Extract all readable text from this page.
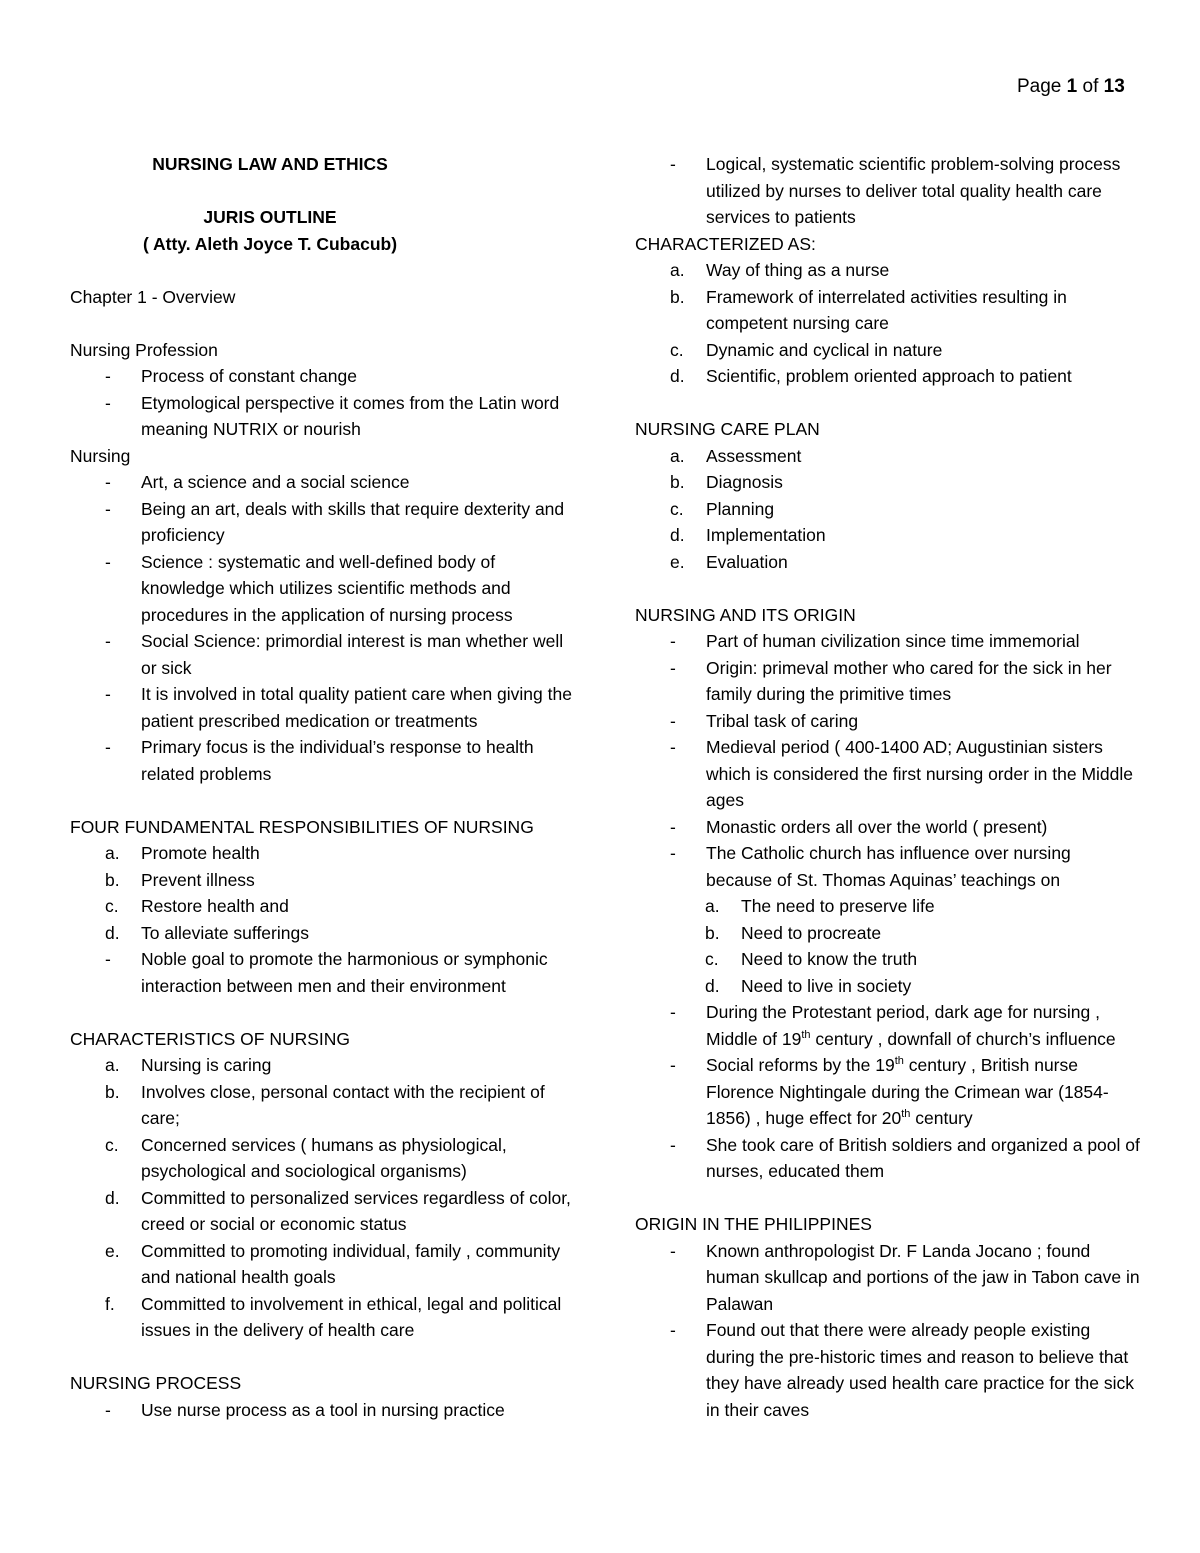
Page 1 of 13
NURSING LAW AND ETHICS
JURIS OUTLINE
( Atty. Aleth Joyce T. Cubacub)
Chapter 1 - Overview
Nursing Profession
-	Process of constant change
-	Etymological perspective it comes from the Latin word meaning NUTRIX or nourish
Nursing
-	Art, a science and a social science
-	Being an art, deals with skills that require dexterity and proficiency
-	Science : systematic and well-defined body of knowledge which utilizes scientific methods and procedures in the application of nursing process
-	Social Science: primordial interest is man whether well or sick
-	It is involved in total quality patient care when giving the patient prescribed medication or treatments
-	Primary focus is the individual’s response to health related problems
FOUR FUNDAMENTAL RESPONSIBILITIES OF NURSING
a.	Promote health
b.	Prevent illness
c.	Restore health and
d.	To alleviate sufferings
-	Noble goal to promote the harmonious or symphonic interaction between men and their environment
CHARACTERISTICS OF NURSING
a.	Nursing is caring
b.	Involves close, personal contact with the recipient of care;
c.	Concerned services ( humans as physiological, psychological and sociological organisms)
d.	Committed to personalized services regardless of color, creed or social or economic status
e.	Committed to promoting individual, family , community and national health goals
f.	Committed to involvement in ethical, legal and political issues in the delivery of health care
NURSING PROCESS
-	Use nurse process as a tool in nursing practice
-	Logical, systematic scientific problem-solving process utilized by nurses to deliver total quality health care services to patients
CHARACTERIZED AS:
a.	Way of thing as a nurse
b.	Framework of interrelated activities resulting in competent nursing care
c.	Dynamic and cyclical in nature
d.	Scientific, problem oriented approach to patient
NURSING CARE PLAN
a.	Assessment
b.	Diagnosis
c.	Planning
d.	Implementation
e.	Evaluation
NURSING AND ITS ORIGIN
-	Part of human civilization since time immemorial
-	Origin: primeval mother who cared for the sick in her family during the primitive times
-	Tribal task of caring
-	Medieval period ( 400-1400 AD; Augustinian sisters which is considered the first nursing order in the Middle ages
-	Monastic orders all over the world ( present)
-	The Catholic church has influence over nursing because of St. Thomas Aquinas’ teachings on
a.	The need to preserve life
b.	Need to procreate
c.	Need to know the truth
d.	Need to live in society
-	During the Protestant period, dark age for nursing , Middle of 19th century , downfall of church’s influence
-	Social reforms by the 19th century , British nurse Florence Nightingale during the Crimean war (1854-1856) , huge effect for 20th century
-	She took care of British soldiers and organized a pool of nurses, educated them
ORIGIN IN THE PHILIPPINES
-	Known anthropologist Dr. F Landa Jocano ; found human skullcap and portions of the jaw in Tabon cave in Palawan
-	Found out that there were already people existing during the pre-historic times and reason to believe that they have already used health care practice for the sick in their caves
